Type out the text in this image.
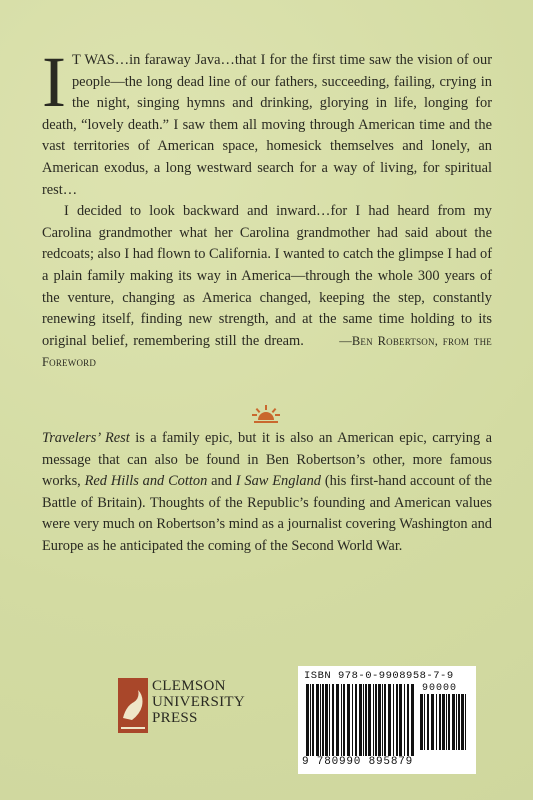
I T WAS…in faraway Java…that I for the first time saw the vision of our people—the long dead line of our fathers, succeeding, failing, crying in the night, singing hymns and drinking, glorying in life, longing for death, “lovely death.” I saw them all moving through American time and the vast territories of American space, homesick themselves and lonely, an American exodus, a long westward search for a way of living, for spiritual rest…

I decided to look backward and inward…for I had heard from my Carolina grandmother what her Carolina grandmother had said about the redcoats; also I had flown to California. I wanted to catch the glimpse I had of a plain family making its way in America—through the whole 300 years of the venture, changing as America changed, keeping the step, constantly renewing itself, finding new strength, and at the same time holding to its original belief, remembering still the dream.	—Ben Robertson, from the Foreword

Travelers’ Rest is a family epic, but it is also an American epic, carrying a message that can also be found in Ben Robertson’s other, more famous works, Red Hills and Cotton and I Saw England (his first-hand account of the Battle of Britain). Thoughts of the Republic’s founding and American values were very much on Robertson’s mind as a journalist covering Washington and Europe as he anticipated the coming of the Second World War.

CLEMSON
UNIVERSITY
PRESS
ISBN 978-0-9908958-7-9
90000
9 780990 895879
